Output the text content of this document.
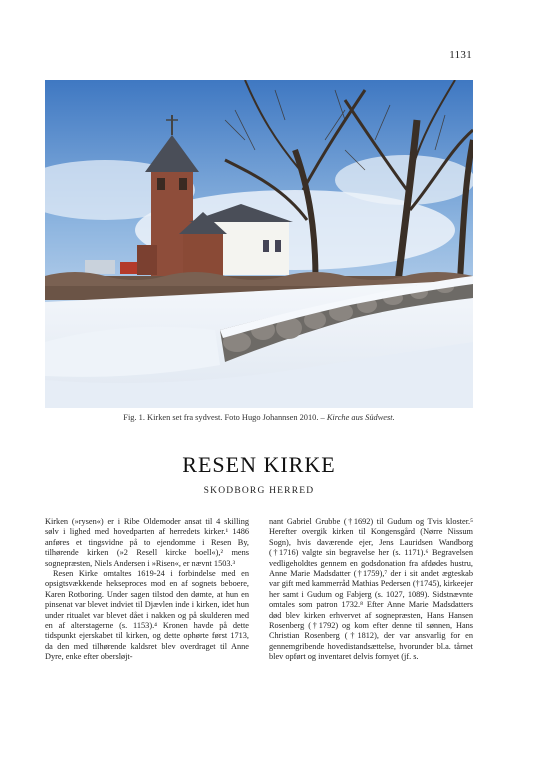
1131
Fig. 1. Kirken set fra sydvest. Foto Hugo Johannsen 2010. – Kirche aus Südwest.
RESEN KIRKE
SKODBORG HERRED

Kirken (»rysen«) er i Ribe Oldemoder ansat til 4 skilling sølv i lighed med hovedparten af herredets kirker.¹ 1486 anføres et tingsvidne på to ejendomme i Resen By, tilhørende kirken (»2 Resell kircke boell«),² mens sognepræsten, Niels Andersen i »Risen«, er nævnt 1503.³

Resen Kirke omtaltes 1619-24 i forbindelse med en opsigtsvækkende hekseproces mod en af sognets beboere, Karen Rotboring. Under sagen tilstod den dømte, at hun en pinsenat var blevet indviet til Djævlen inde i kirken, idet hun under ritualet var blevet dået i nakken og på skulderen med en af alterstagerne (s. 1153).⁴ Kronen havde på dette tidspunkt ejerskabet til kirken, og dette ophørte først 1713, da den med tilhørende kaldsret blev overdraget til Anne Dyre, enke efter obersløjt-

nant Gabriel Grubbe (†1692) til Gudum og Tvis kloster.⁵ Herefter overgik kirken til Kongensgård (Nørre Nissum Sogn), hvis daværende ejer, Jens Lauridsen Wandborg (†1716) valgte sin begravelse her (s. 1171).⁶ Begravelsen vedligeholdtes gennem en godsdonation fra afdødes hustru, Anne Marie Madsdatter (†1759),⁷ der i sit andet ægteskab var gift med kammerråd Mathias Pedersen (†1745), kirkeejer her samt i Gudum og Fabjerg (s. 1027, 1089). Sidstnævnte omtales som patron 1732.⁸ Efter Anne Marie Madsdatters død blev kirken erhvervet af sognepræsten, Hans Hansen Rosenberg (†1792) og kom efter denne til sønnen, Hans Christian Rosenberg (†1812), der var ansvarlig for en gennemgribende hovedistandsættelse, hvorunder bl.a. tårnet blev opført og inventaret delvis fornyet (jf. s.
